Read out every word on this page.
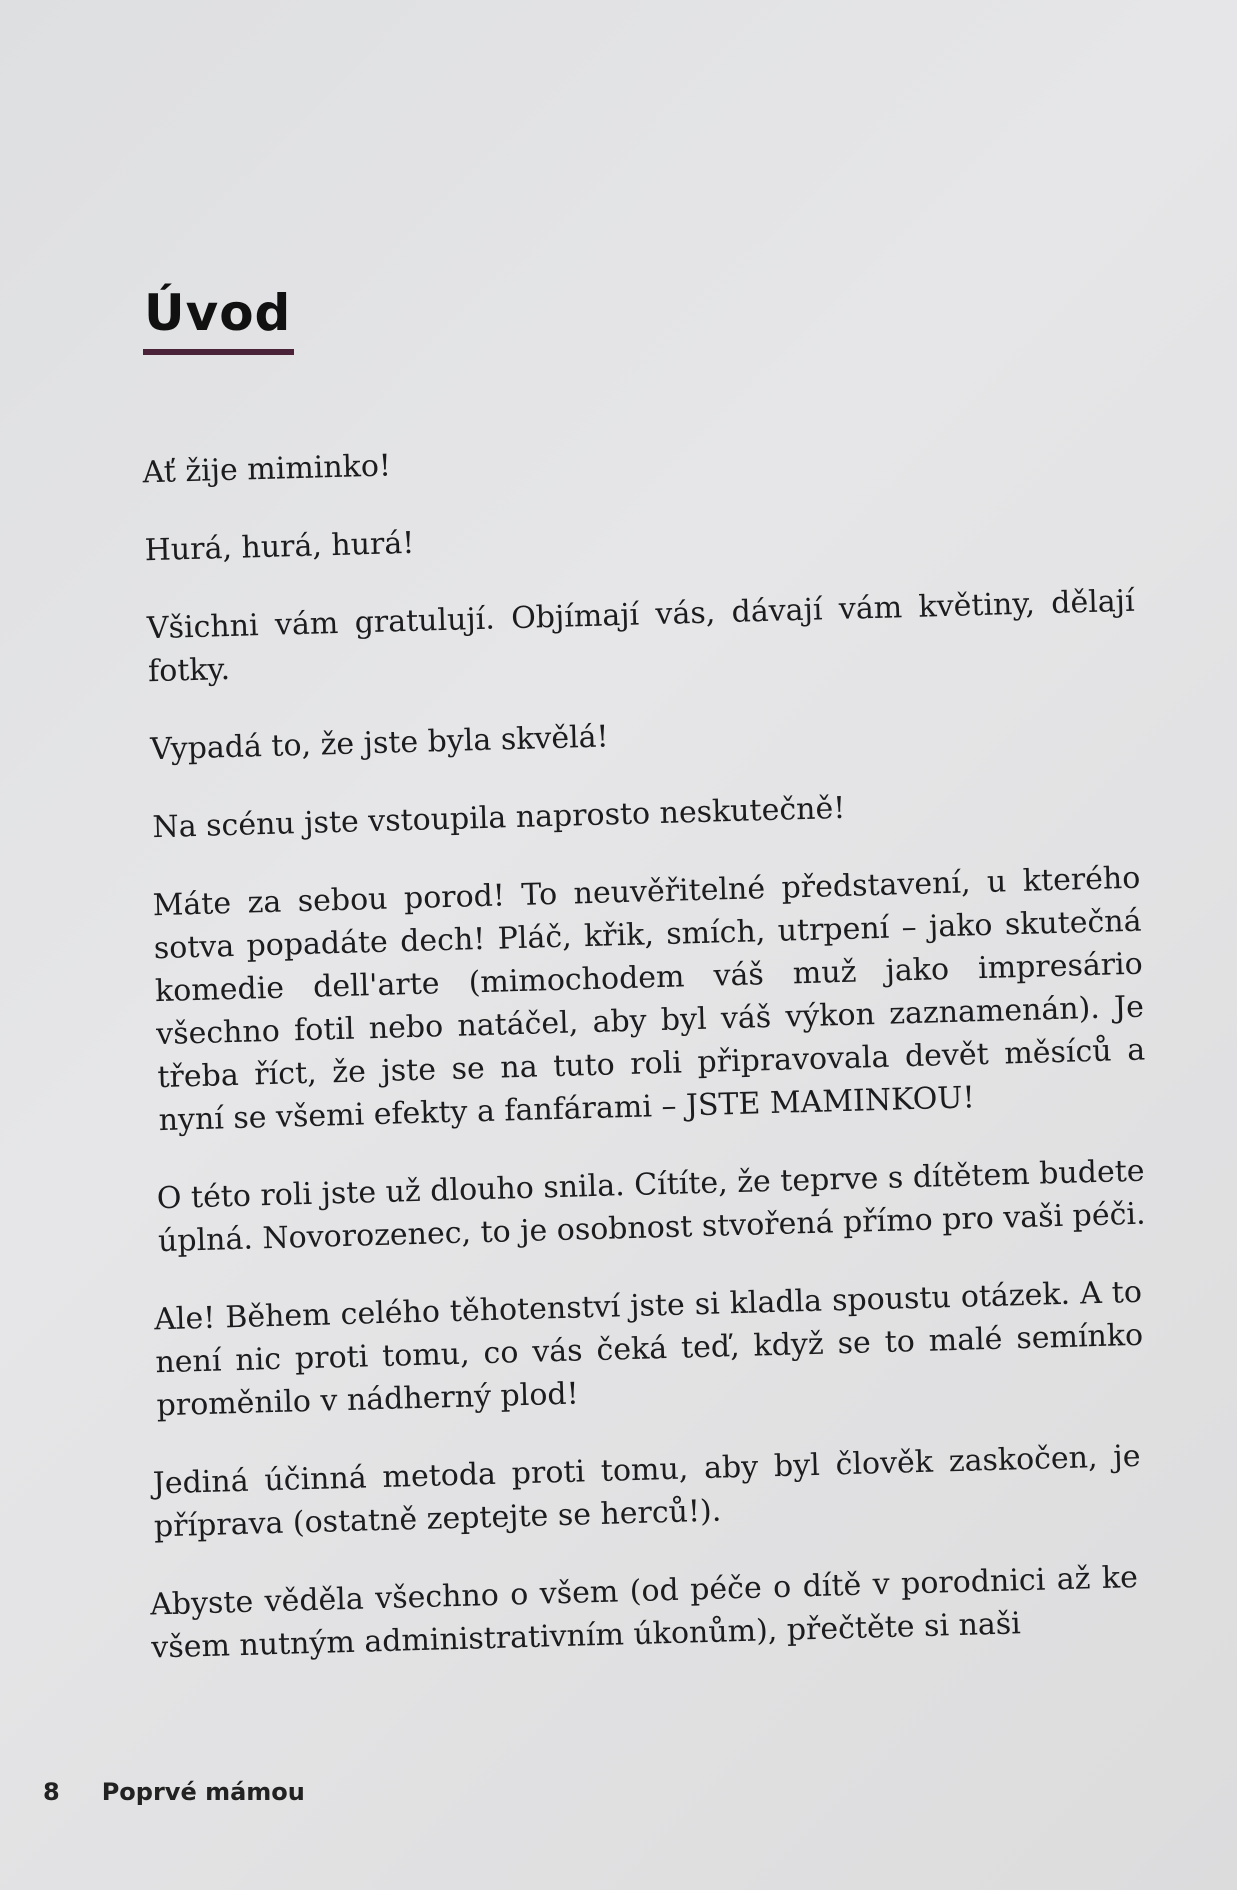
Úvod

Ať žije miminko!

Hurá, hurá, hurá!

Všichni vám gratulují. Objímají vás, dávají vám květiny, dělají fotky.

Vypadá to, že jste byla skvělá!

Na scénu jste vstoupila naprosto neskutečně!

Máte za sebou porod! To neuvěřitelné představení, u kterého sotva popadáte dech! Pláč, křik, smích, utrpení – jako skutečná komedie dell'arte (mimochodem váš muž jako impresário všechno fotil nebo natáčel, aby byl váš výkon zaznamenán). Je třeba říct, že jste se na tuto roli připravovala devět měsíců a nyní se všemi efekty a fanfárami – JSTE MAMINKOU!

O této roli jste už dlouho snila. Cítíte, že teprve s dítětem budete úplná. Novorozenec, to je osobnost stvořená přímo pro vaši péči.

Ale! Během celého těhotenství jste si kladla spoustu otázek. A to není nic proti tomu, co vás čeká teď, když se to malé semínko proměnilo v nádherný plod!

Jediná účinná metoda proti tomu, aby byl člověk zaskočen, je příprava (ostatně zeptejte se herců!).

Abyste věděla všechno o všem (od péče o dítě v porodnici až ke všem nutným administrativním úkonům), přečtěte si naši

8 Poprvé mámou
